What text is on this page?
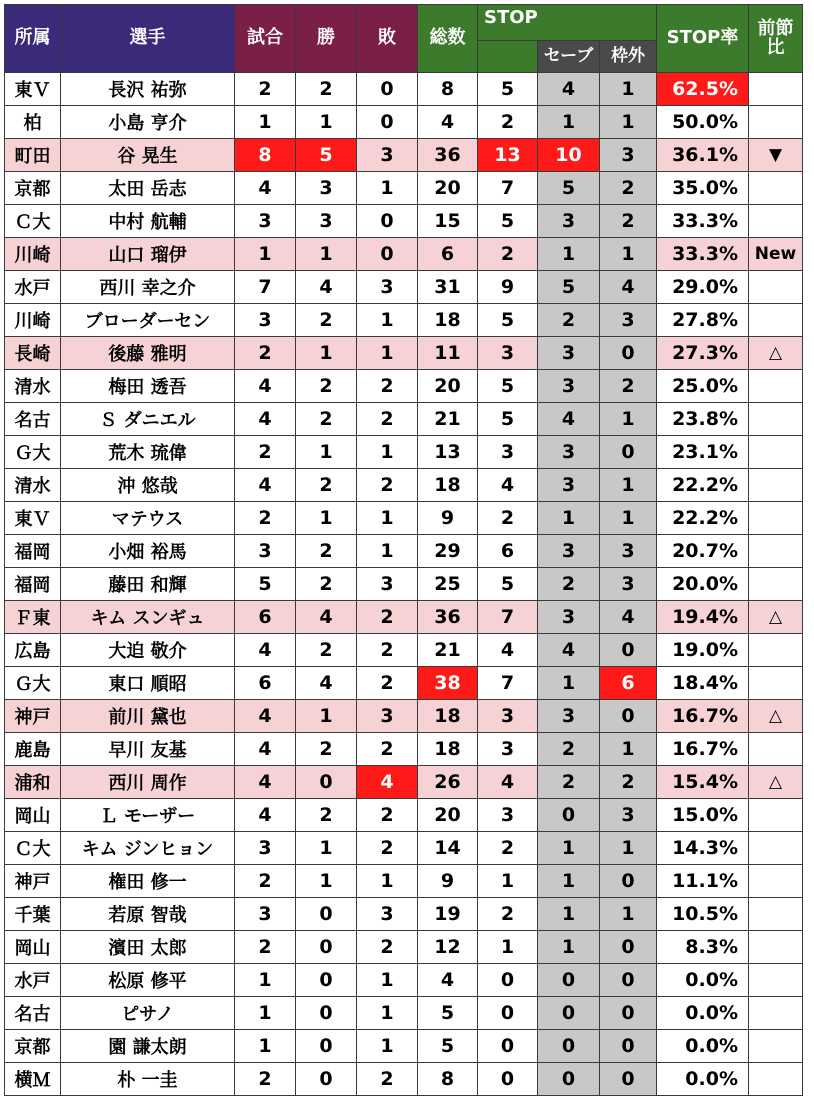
所属	選手	試合	勝	敗	総数	STOP			STOP率	前節比
							セーブ	枠外		
東Ｖ	長沢 祐弥	2	2	0	8	5	4	1	62.5%	
柏	小島 亨介	1	1	0	4	2	1	1	50.0%	
町田	谷 晃生	8	5	3	36	13	10	3	36.1%	▼
京都	太田 岳志	4	3	1	20	7	5	2	35.0%	
Ｃ大	中村 航輔	3	3	0	15	5	3	2	33.3%	
川崎	山口 瑠伊	1	1	0	6	2	1	1	33.3%	New
水戸	西川 幸之介	7	4	3	31	9	5	4	29.0%	
川崎	ブローダーセン	3	2	1	18	5	2	3	27.8%	
長崎	後藤 雅明	2	1	1	11	3	3	0	27.3%	△
清水	梅田 透吾	4	2	2	20	5	3	2	25.0%	
名古	Ｓ ダニエル	4	2	2	21	5	4	1	23.8%	
Ｇ大	荒木 琉偉	2	1	1	13	3	3	0	23.1%	
清水	沖 悠哉	4	2	2	18	4	3	1	22.2%	
東Ｖ	マテウス	2	1	1	9	2	1	1	22.2%	
福岡	小畑 裕馬	3	2	1	29	6	3	3	20.7%	
福岡	藤田 和輝	5	2	3	25	5	2	3	20.0%	
Ｆ東	キム スンギュ	6	4	2	36	7	3	4	19.4%	△
広島	大迫 敬介	4	2	2	21	4	4	0	19.0%	
Ｇ大	東口 順昭	6	4	2	38	7	1	6	18.4%	
神戸	前川 黛也	4	1	3	18	3	3	0	16.7%	△
鹿島	早川 友基	4	2	2	18	3	2	1	16.7%	
浦和	西川 周作	4	0	4	26	4	2	2	15.4%	△
岡山	Ｌ モーザー	4	2	2	20	3	0	3	15.0%	
Ｃ大	キム ジンヒョン	3	1	2	14	2	1	1	14.3%	
神戸	権田 修一	2	1	1	9	1	1	0	11.1%	
千葉	若原 智哉	3	0	3	19	2	1	1	10.5%	
岡山	濱田 太郎	2	0	2	12	1	1	0	8.3%	
水戸	松原 修平	1	0	1	4	0	0	0	0.0%	
名古	ピサノ	1	0	1	5	0	0	0	0.0%	
京都	園 謙太朗	1	0	1	5	0	0	0	0.0%	
横Ｍ	朴 一圭	2	0	2	8	0	0	0	0.0%	
